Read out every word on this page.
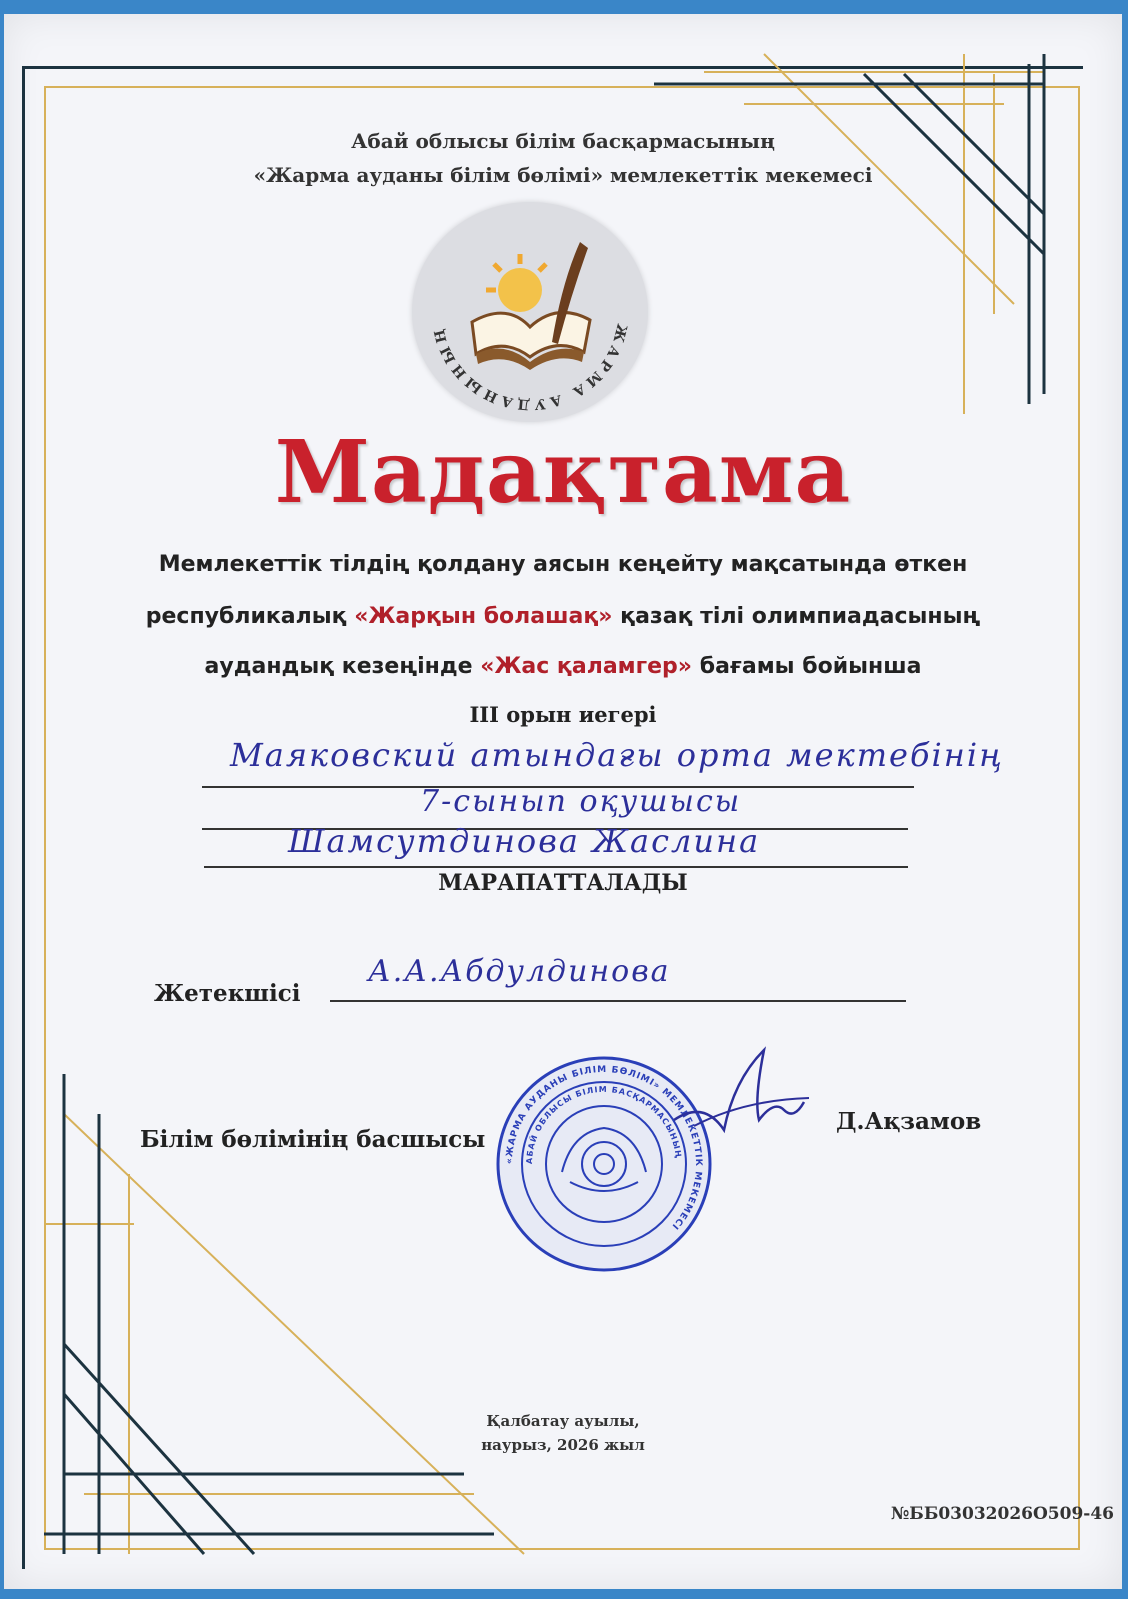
Абай облысы білім басқармасының
«Жарма ауданы білім бөлімі» мемлекеттік мекемесі
ЖАРМА АУДАНЫНЫҢ
Мадақтама
Мемлекеттік тілдің қолдану аясын кеңейту мақсатында өткен
республикалық «Жарқын болашақ» қазақ тілі олимпиадасының
аудандық кезеңінде «Жас қаламгер» бағамы бойынша
ІІІ орын иегері
Маяковский атындағы орта мектебінің
7-сынып оқушысы
Шамсутдинова Жаслина
МАРАПАТТАЛАДЫ
Жетекшісі
А.А.Абдулдинова
Білім бөлімінің басшысы
Д.Ақзамов
«ЖАРМА АУДАНЫ БІЛІМ БӨЛІМІ» МЕМЛЕКЕТТІК МЕКЕМЕСІ
АБАЙ ОБЛЫСЫ БІЛІМ БАСҚАРМАСЫНЫҢ
Қалбатау ауылы,
наурыз, 2026 жыл
№ББ03032026О509-46
